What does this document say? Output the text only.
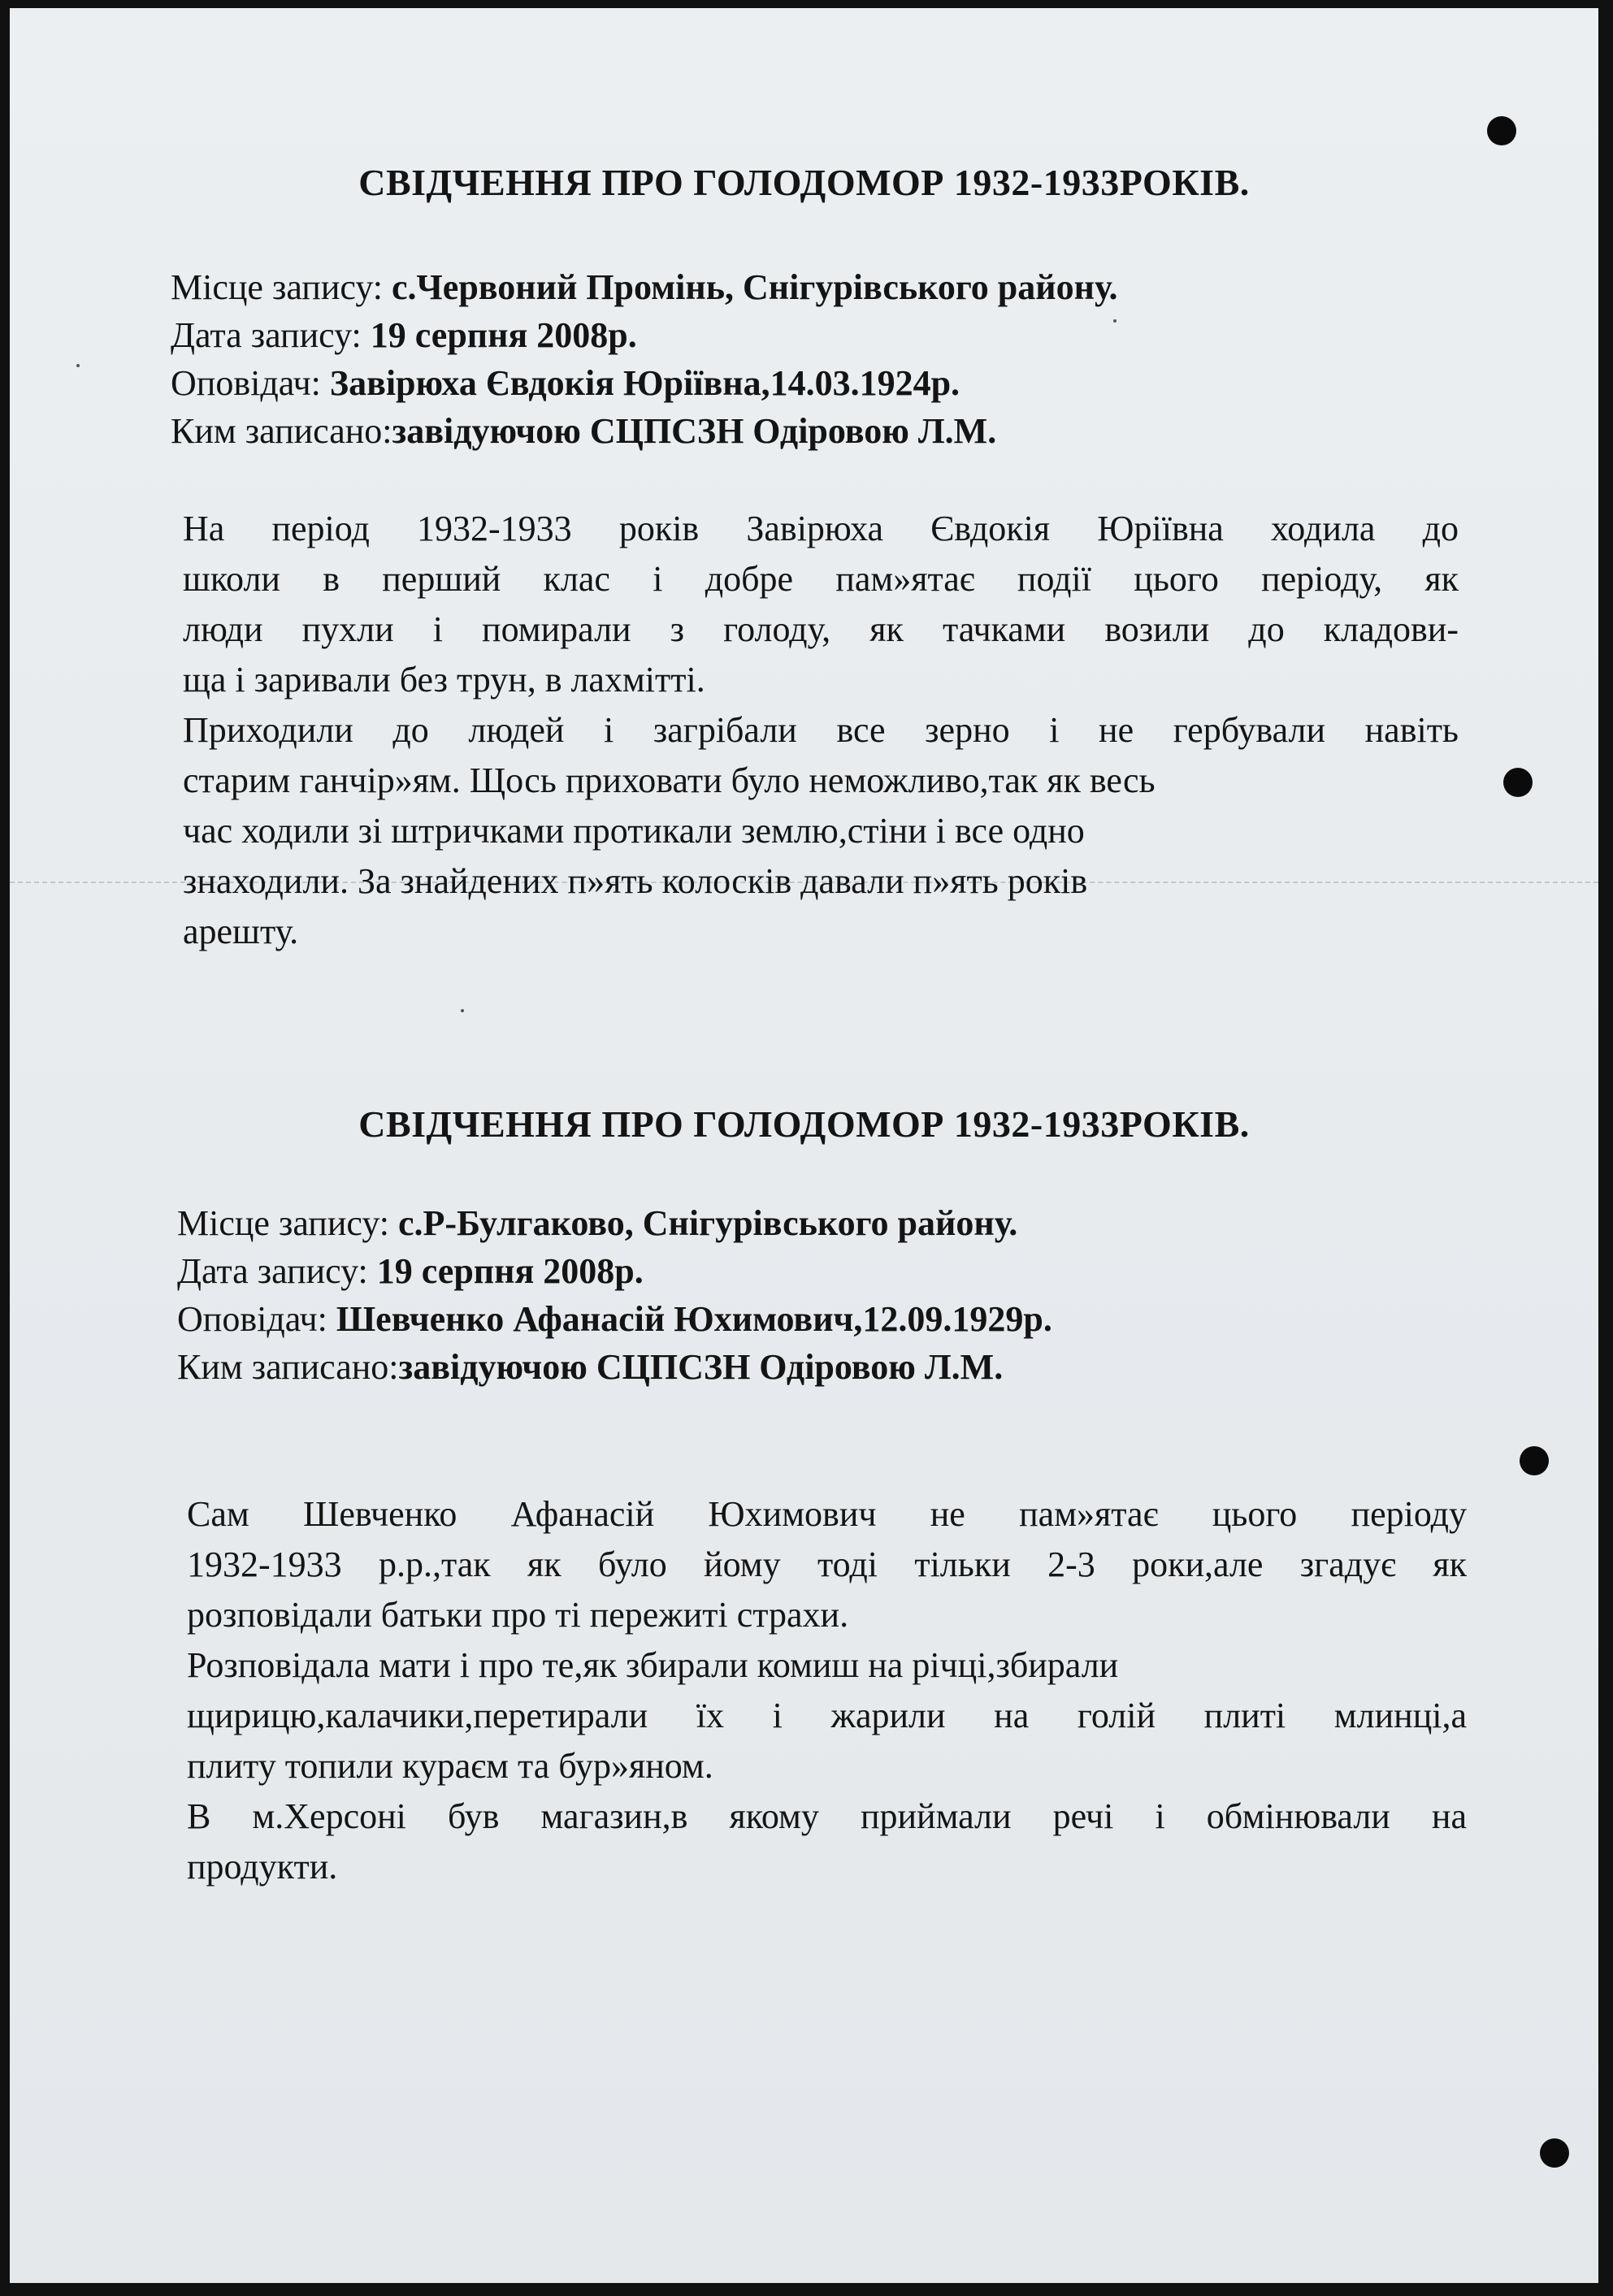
СВІДЧЕННЯ ПРО ГОЛОДОМОР 1932-1933РОКІВ.
Місце запису: с.Червоний Промінь, Снігурівського району.
Дата запису: 19 серпня 2008р.
Оповідач: Завірюха Євдокія Юріївна,14.03.1924р.
Ким записано:завідуючою СЦПСЗН Одіровою Л.М.
На період 1932-1933 років Завірюха Євдокія Юріївна ходила до
школи в перший клас і добре пам»ятає події цього періоду, як
люди пухли і помирали з голоду, як тачками возили до кладови-
ща і заривали без трун, в лахмітті.
Приходили до людей і загрібали все зерно і не гербували навіть
старим ганчір»ям. Щось приховати було неможливо,так як весь
час ходили зі штричками протикали землю,стіни і все одно
знаходили. За знайдених п»ять колосків давали п»ять років
арешту.
СВІДЧЕННЯ ПРО ГОЛОДОМОР 1932-1933РОКІВ.
Місце запису: с.Р-Булгаково, Снігурівського району.
Дата запису: 19 серпня 2008р.
Оповідач: Шевченко Афанасій Юхимович,12.09.1929р.
Ким записано:завідуючою СЦПСЗН Одіровою Л.М.
Сам Шевченко Афанасій Юхимович не пам»ятає цього періоду
1932-1933 р.р.,так як було йому тоді тільки 2-3 роки,але згадує як
розповідали батьки про ті пережиті страхи.
Розповідала мати і про те,як збирали комиш на річці,збирали
щирицю,калачики,перетирали їх і жарили на голій плиті млинці,а
плиту топили кураєм та бур»яном.
В м.Херсоні був магазин,в якому приймали речі і обмінювали на
продукти.
